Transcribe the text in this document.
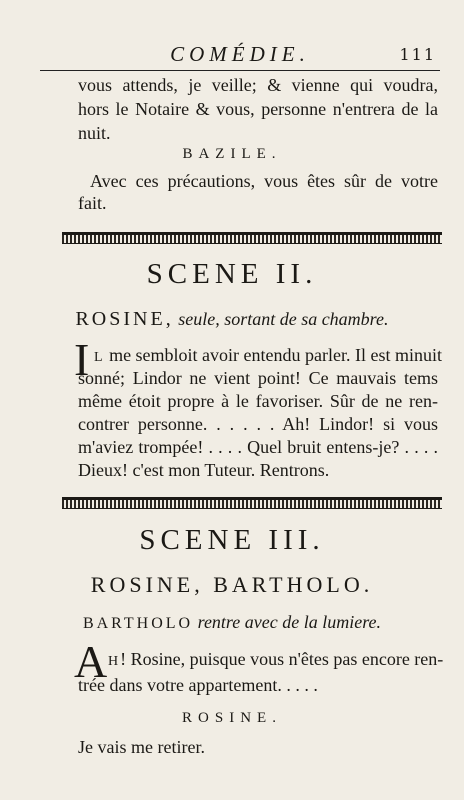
COMÉDIE.	111
vous attends, je veille; & vienne qui voudra,
hors le Notaire & vous, personne n'entrera de la
nuit.
BAZILE.
Avec ces précautions, vous êtes sûr de votre
fait.
SCENE II.
ROSINE, seule, sortant de sa chambre.
I L me sembloit avoir entendu parler. Il est minuit
sonné; Lindor ne vient point! Ce mauvais tems
même étoit propre à le favoriser. Sûr de ne ren-
contrer personne. . . . . . Ah! Lindor! si vous
m'aviez trompée! . . . . Quel bruit entens-je? . . . .
Dieux! c'est mon Tuteur. Rentrons.
SCENE III.
ROSINE, BARTHOLO.
BARTHOLO rentre avec de la lumiere.
A H! Rosine, puisque vous n'êtes pas encore ren-
trée dans votre appartement. . . . .
ROSINE.
Je vais me retirer.
